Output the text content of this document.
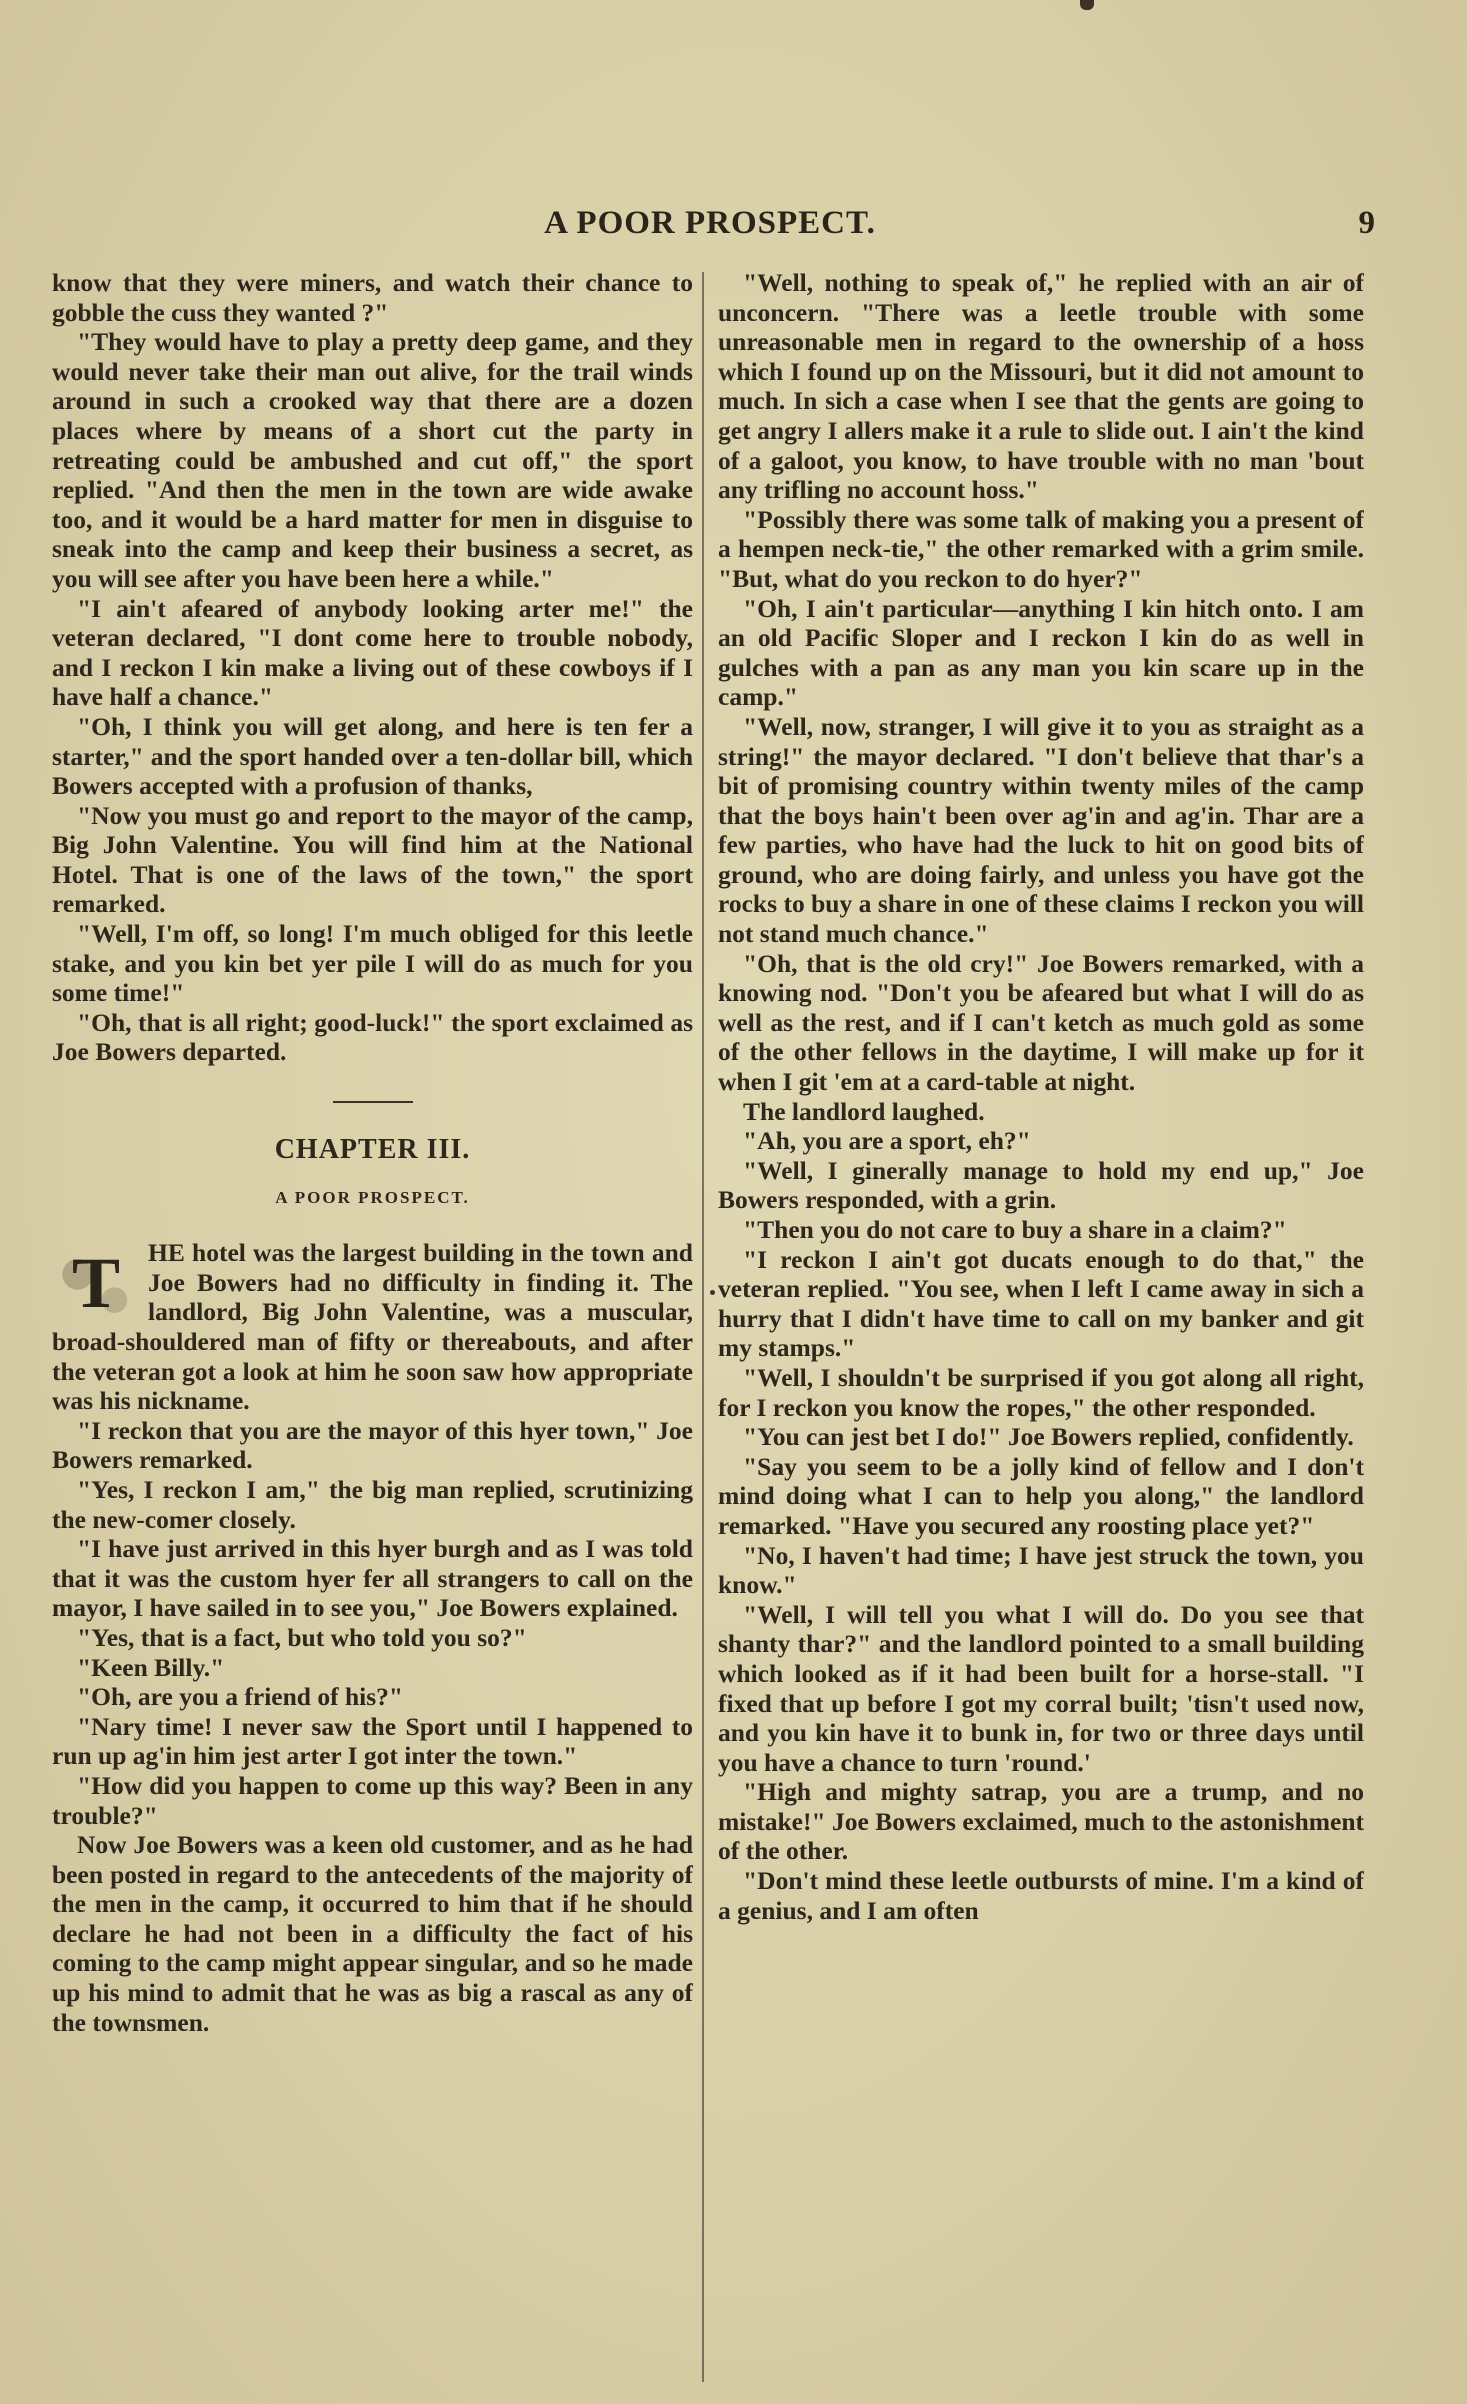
A POOR PROSPECT.	9

know that they were miners, and watch their chance to gobble the cuss they wanted ?"

"They would have to play a pretty deep game, and they would never take their man out alive, for the trail winds around in such a crooked way that there are a dozen places where by means of a short cut the party in retreating could be ambushed and cut off," the sport replied. "And then the men in the town are wide awake too, and it would be a hard matter for men in disguise to sneak into the camp and keep their business a secret, as you will see after you have been here a while."

"I ain't afeared of anybody looking arter me!" the veteran declared, "I dont come here to trouble nobody, and I reckon I kin make a living out of these cowboys if I have half a chance."

"Oh, I think you will get along, and here is ten fer a starter," and the sport handed over a ten-dollar bill, which Bowers accepted with a profusion of thanks,

"Now you must go and report to the mayor of the camp, Big John Valentine. You will find him at the National Hotel. That is one of the laws of the town," the sport remarked.

"Well, I'm off, so long! I'm much obliged for this leetle stake, and you kin bet yer pile I will do as much for you some time!"

"Oh, that is all right; good-luck!" the sport exclaimed as Joe Bowers departed.

CHAPTER III.
A POOR PROSPECT.
T	HE hotel was the largest building in the town and Joe Bowers had no difficulty in finding it. The landlord, Big John Valentine, was a muscular, broad-shouldered man of fifty or thereabouts, and after the veteran got a look at him he soon saw how appropriate was his nickname.

"I reckon that you are the mayor of this hyer town," Joe Bowers remarked.

"Yes, I reckon I am," the big man replied, scrutinizing the new-comer closely.

"I have just arrived in this hyer burgh and as I was told that it was the custom hyer fer all strangers to call on the mayor, I have sailed in to see you," Joe Bowers explained.

"Yes, that is a fact, but who told you so?"

"Keen Billy."

"Oh, are you a friend of his?"

"Nary time! I never saw the Sport until I happened to run up ag'in him jest arter I got inter the town."

"How did you happen to come up this way? Been in any trouble?"

Now Joe Bowers was a keen old customer, and as he had been posted in regard to the antecedents of the majority of the men in the camp, it occurred to him that if he should declare he had not been in a difficulty the fact of his coming to the camp might appear singular, and so he made up his mind to admit that he was as big a rascal as any of the townsmen.

"Well, nothing to speak of," he replied with an air of unconcern. "There was a leetle trouble with some unreasonable men in regard to the ownership of a hoss which I found up on the Missouri, but it did not amount to much. In sich a case when I see that the gents are going to get angry I allers make it a rule to slide out. I ain't the kind of a galoot, you know, to have trouble with no man 'bout any trifling no account hoss."

"Possibly there was some talk of making you a present of a hempen neck-tie," the other remarked with a grim smile. "But, what do you reckon to do hyer?"

"Oh, I ain't particular—anything I kin hitch onto. I am an old Pacific Sloper and I reckon I kin do as well in gulches with a pan as any man you kin scare up in the camp."

"Well, now, stranger, I will give it to you as straight as a string!" the mayor declared. "I don't believe that thar's a bit of promising country within twenty miles of the camp that the boys hain't been over ag'in and ag'in. Thar are a few parties, who have had the luck to hit on good bits of ground, who are doing fairly, and unless you have got the rocks to buy a share in one of these claims I reckon you will not stand much chance."

"Oh, that is the old cry!" Joe Bowers remarked, with a knowing nod. "Don't you be afeared but what I will do as well as the rest, and if I can't ketch as much gold as some of the other fellows in the daytime, I will make up for it when I git 'em at a card-table at night.

The landlord laughed.

"Ah, you are a sport, eh?"

"Well, I ginerally manage to hold my end up," Joe Bowers responded, with a grin.

"Then you do not care to buy a share in a claim?"

"I reckon I ain't got ducats enough to do that," the veteran replied. "You see, when I left I came away in sich a hurry that I didn't have time to call on my banker and git my stamps."

"Well, I shouldn't be surprised if you got along all right, for I reckon you know the ropes," the other responded.

"You can jest bet I do!" Joe Bowers replied, confidently.

"Say you seem to be a jolly kind of fellow and I don't mind doing what I can to help you along," the landlord remarked. "Have you secured any roosting place yet?"

"No, I haven't had time; I have jest struck the town, you know."

"Well, I will tell you what I will do. Do you see that shanty thar?" and the landlord pointed to a small building which looked as if it had been built for a horse-stall. "I fixed that up before I got my corral built; 'tisn't used now, and you kin have it to bunk in, for two or three days until you have a chance to turn 'round.'

"High and mighty satrap, you are a trump, and no mistake!" Joe Bowers exclaimed, much to the astonishment of the other.

"Don't mind these leetle outbursts of mine. I'm a kind of a genius, and I am often
